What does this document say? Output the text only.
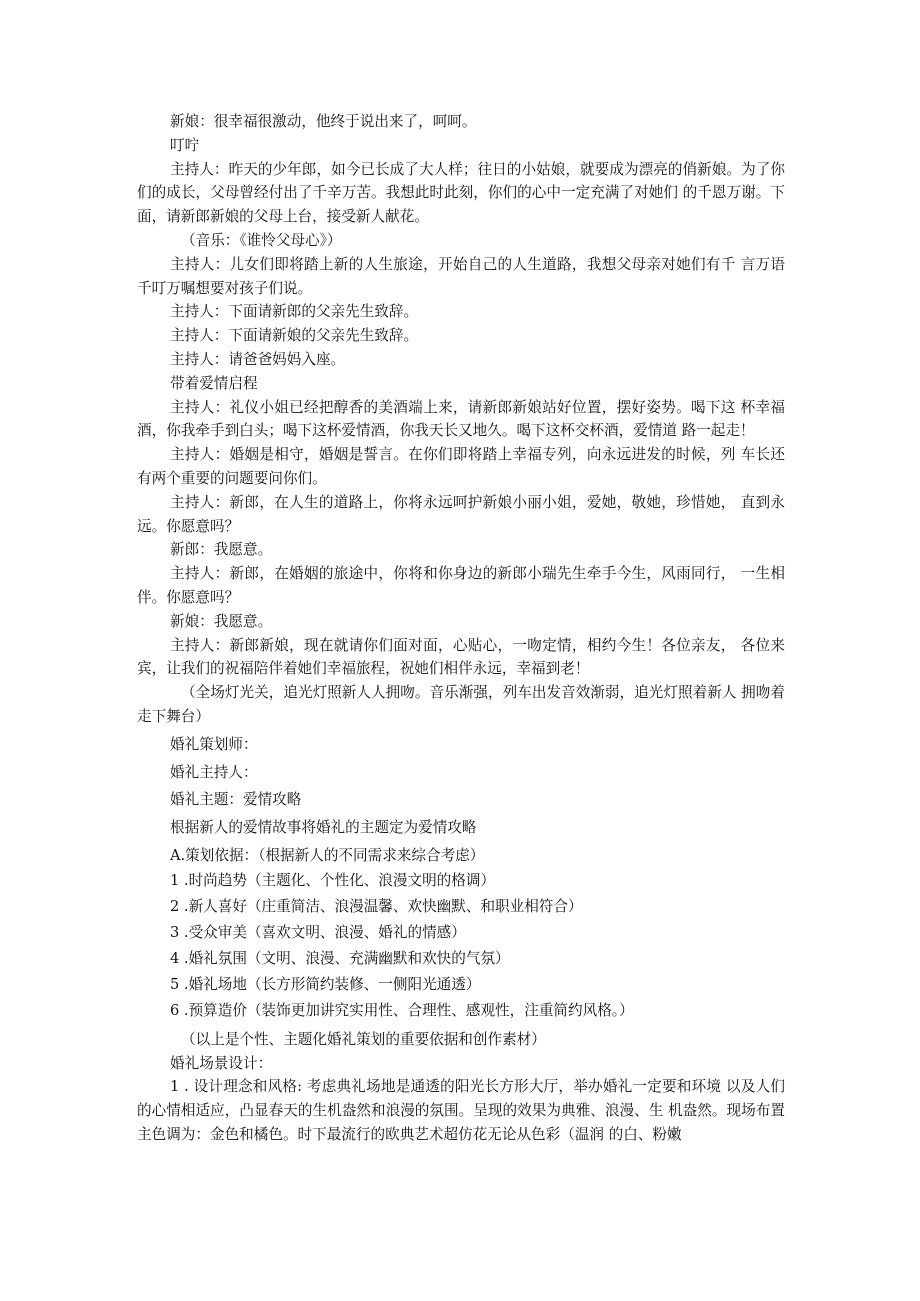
新娘：很幸福很激动，他终于说出来了，呵呵。

叮咛

主持人：昨天的少年郎，如今已长成了大人样；往日的小姑娘，就要成为漂亮的俏新娘。为了你们的成长，父母曾经付出了千辛万苦。我想此时此刻，你们的心中一定充满了对她们 的千恩万谢。下面，请新郎新娘的父母上台，接受新人献花。

（音乐：《谁怜父母心》）

主持人：儿女们即将踏上新的人生旅途，开始自己的人生道路，我想父母亲对她们有千 言万语千叮万嘱想要对孩子们说。

主持人：下面请新郎的父亲先生致辞。

主持人：下面请新娘的父亲先生致辞。

主持人：请爸爸妈妈入座。

带着爱情启程

主持人：礼仪小姐已经把醇香的美酒端上来，请新郎新娘站好位置，摆好姿势。喝下这 杯幸福酒，你我牵手到白头；喝下这杯爱情酒，你我天长又地久。喝下这杯交杯酒，爱情道 路一起走！

主持人：婚姻是相守，婚姻是誓言。在你们即将踏上幸福专列，向永远进发的时候，列 车长还有两个重要的问题要问你们。

主持人：新郎，在人生的道路上，你将永远呵护新娘小丽小姐，爱她，敬她，珍惜她， 直到永远。你愿意吗？

新郎：我愿意。

主持人：新郎，在婚姻的旅途中，你将和你身边的新郎小瑞先生牵手今生，风雨同行， 一生相伴。你愿意吗？

新娘：我愿意。

主持人：新郎新娘，现在就请你们面对面，心贴心，一吻定情，相约今生！各位亲友， 各位来宾，让我们的祝福陪伴着她们幸福旅程，祝她们相伴永远，幸福到老！

（全场灯光关，追光灯照新人人拥吻。音乐渐强，列车出发音效渐弱，追光灯照着新人 拥吻着走下舞台）

婚礼策划师：

婚礼主持人：

婚礼主题：爱情攻略

根据新人的爱情故事将婚礼的主题定为爱情攻略

A.策划依据：（根据新人的不同需求来综合考虑）

1 .时尚趋势（主题化、个性化、浪漫文明的格调）

2 .新人喜好（庄重简洁、浪漫温馨、欢快幽默、和职业相符合）

3 .受众审美（喜欢文明、浪漫、婚礼的情感）

4 .婚礼氛围（文明、浪漫、充满幽默和欢快的气氛）

5 .婚礼场地（长方形简约装修、一侧阳光通透）

6 .预算造价（装饰更加讲究实用性、合理性、感观性，注重简约风格。）

（以上是个性、主题化婚礼策划的重要依据和创作素材）

婚礼场景设计：

1 . 设计理念和风格: 考虑典礼场地是通透的阳光长方形大厅，举办婚礼一定要和环境 以及人们的心情相适应，凸显春天的生机盎然和浪漫的氛围。呈现的效果为典雅、浪漫、生 机盎然。现场布置主色调为：金色和橘色。时下最流行的欧典艺术超仿花无论从色彩（温润 的白、粉嫩
